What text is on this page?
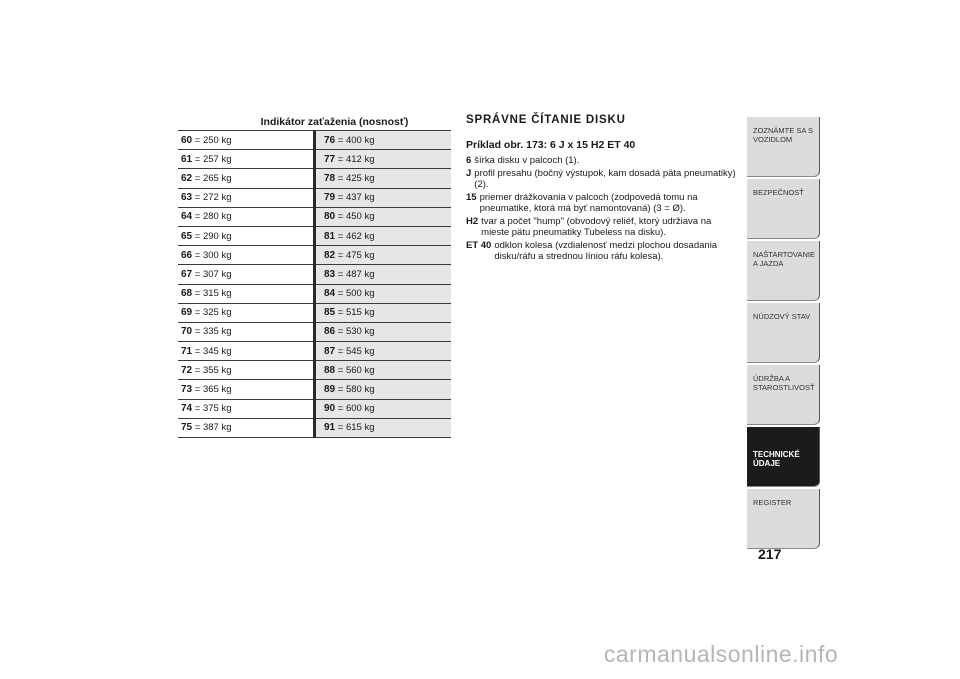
Indikátor zaťaženia (nosnosť)
60 = 250 kg		76 = 400 kg
61 = 257 kg		77 = 412 kg
62 = 265 kg		78 = 425 kg
63 = 272 kg		79 = 437 kg
64 = 280 kg		80 = 450 kg
65 = 290 kg		81 = 462 kg
66 = 300 kg		82 = 475 kg
67 = 307 kg		83 = 487 kg
68 = 315 kg		84 = 500 kg
69 = 325 kg		85 = 515 kg
70 = 335 kg		86 = 530 kg
71 = 345 kg		87 = 545 kg
72 = 355 kg		88 = 560 kg
73 = 365 kg		89 = 580 kg
74 = 375 kg		90 = 600 kg
75 = 387 kg		91 = 615 kg
SPRÁVNE ČÍTANIE DISKU
Príklad obr. 173: 6 J x 15 H2 ET 40
6 šírka disku v palcoch (1).
J profil presahu (bočný výstupok, kam dosadá päta pneumatiky) (2).
15 priemer drážkovania v palcoch (zodpovedá tomu na pneumatike, ktorá má byť namontovaná) (3 = Ø).
H2 tvar a počet "hump" (obvodový reliéf, ktorý udržiava na mieste pätu pneumatiky Tubeless na disku).
ET 40 odklon kolesa (vzdialenosť medzi plochou dosadania disku/ráfu a strednou líniou ráfu kolesa).
ZOZNÁMTE SA S VOZIDLOM
BEZPEČNOSŤ
NAŠTARTOVANIE A JAZDA
NÚDZOVÝ STAV
ÚDRŽBA A STAROSTLIVOSŤ
TECHNICKÉ ÚDAJE
REGISTER
217
carmanualsonline.info
